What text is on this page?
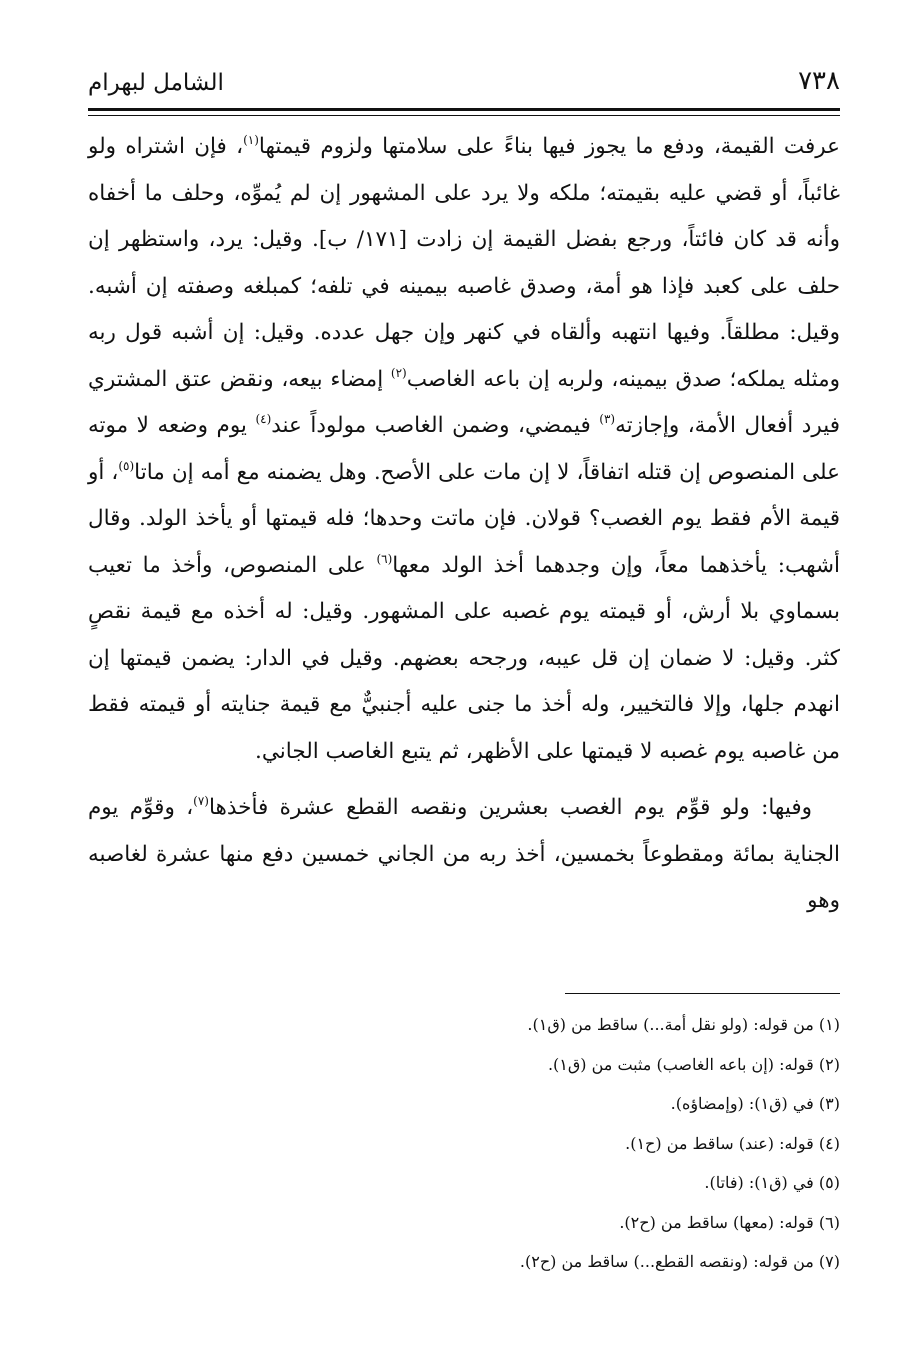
٧٣٨
الشامل لبهرام

عرفت القيمة، ودفع ما يجوز فيها بناءً على سلامتها ولزوم قيمتها$^{(١)}$، فإن اشتراه ولو غائباً، أو قضي عليه بقيمته؛ ملكه ولا يرد على المشهور إن لم يُموِّه، وحلف ما أخفاه وأنه قد كان فائتاً، ورجع بفضل القيمة إن زادت [١٧١/ ب]. وقيل: يرد، واستظهر إن حلف على كعبد فإذا هو أمة، وصدق غاصبه بيمينه في تلفه؛ كمبلغه وصفته إن أشبه. وقيل: مطلقاً. وفيها انتهبه وألقاه في كنهر وإن جهل عدده. وقيل: إن أشبه قول ربه ومثله يملكه؛ صدق بيمينه، ولربه إن باعه الغاصب$^{(٢)}$ إمضاء بيعه، ونقض عتق المشتري فيرد أفعال الأمة، وإجازته$^{(٣)}$ فيمضي، وضمن الغاصب مولوداً عند$^{(٤)}$ يوم وضعه لا موته على المنصوص إن قتله اتفاقاً، لا إن مات على الأصح. وهل يضمنه مع أمه إن ماتا$^{(٥)}$، أو قيمة الأم فقط يوم الغصب؟ قولان. فإن ماتت وحدها؛ فله قيمتها أو يأخذ الولد. وقال أشهب: يأخذهما معاً، وإن وجدهما أخذ الولد معها$^{(٦)}$ على المنصوص، وأخذ ما تعيب بسماوي بلا أرش، أو قيمته يوم غصبه على المشهور. وقيل: له أخذه مع قيمة نقصٍ كثر. وقيل: لا ضمان إن قل عيبه، ورجحه بعضهم. وقيل في الدار: يضمن قيمتها إن انهدم جلها، وإلا فالتخيير، وله أخذ ما جنى عليه أجنبيٌّ مع قيمة جنايته أو قيمته فقط من غاصبه يوم غصبه لا قيمتها على الأظهر، ثم يتبع الغاصب الجاني.

وفيها: ولو قوِّم يوم الغصب بعشرين ونقصه القطع عشرة فأخذها$^{(٧)}$، وقوِّم يوم الجناية بمائة ومقطوعاً بخمسين، أخذ ربه من الجاني خمسين دفع منها عشرة لغاصبه وهو

(١) من قوله: (ولو نقل أمة...) ساقط من (ق١).

(٢) قوله: (إن باعه الغاصب) مثبت من (ق١).

(٣) في (ق١): (وإمضاؤه).

(٤) قوله: (عند) ساقط من (ح١).

(٥) في (ق١): (فاتا).

(٦) قوله: (معها) ساقط من (ح٢).

(٧) من قوله: (ونقصه القطع...) ساقط من (ح٢).
